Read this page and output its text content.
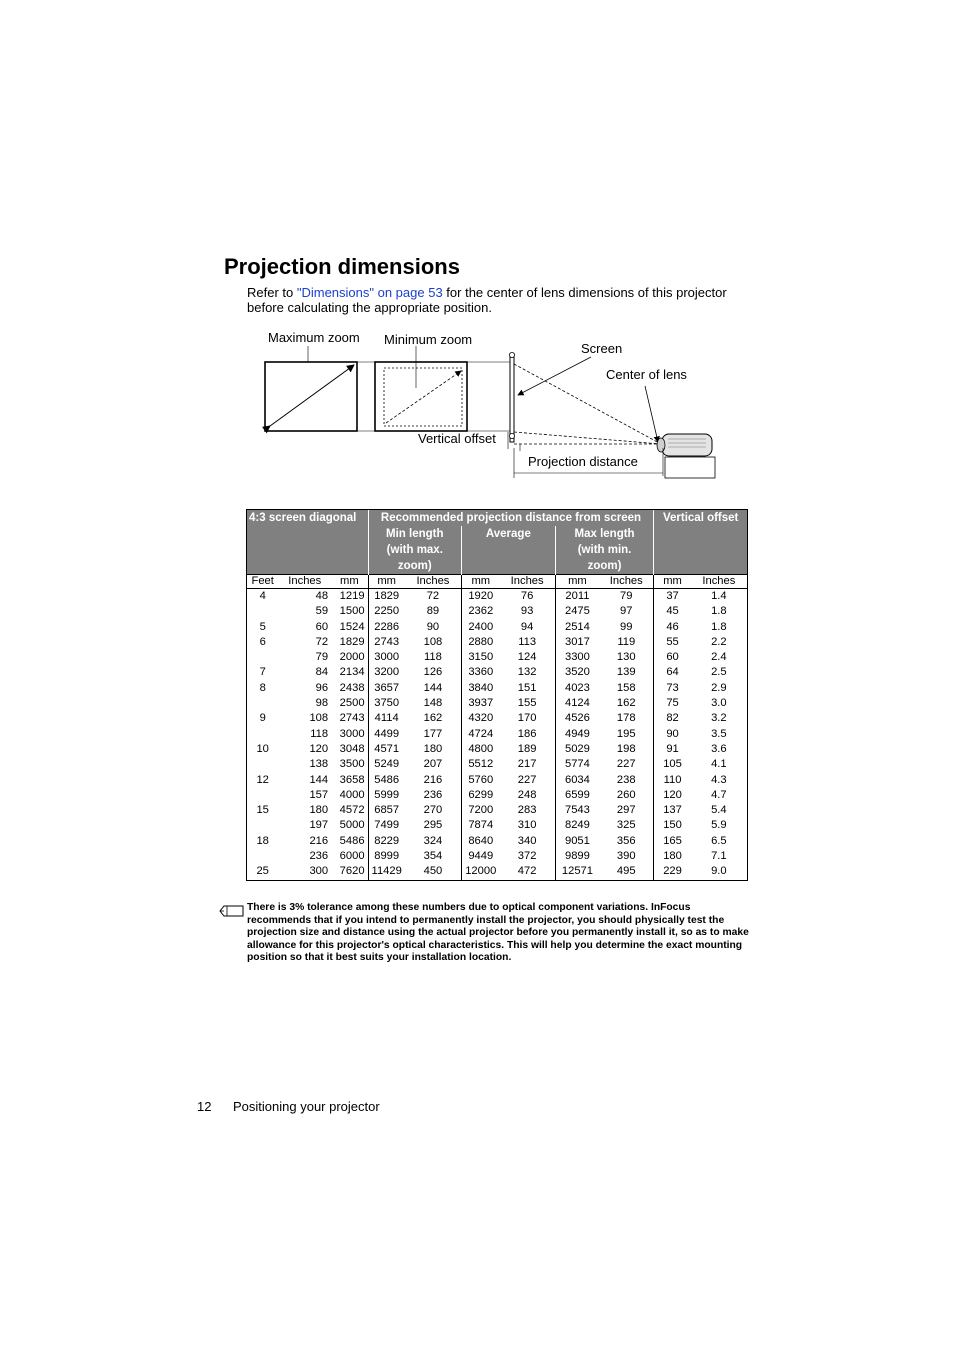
Projection dimensions
Refer to "Dimensions" on page 53 for the center of lens dimensions of this projector before calculating the appropriate position.
Maximum zoom Minimum zoom
Screen
Center of lens
Vertical offset
Projection distance
4:3 screen diagonal			Recommended projection distance from screen						Vertical offset	
			Min length (with max. zoom)		Average		Max length (with min. zoom)			
Feet	Inches	mm	mm	Inches	mm	Inches	mm	Inches	mm	Inches
4	48	1219	1829	72	1920	76	2011	79	37	1.4
	59	1500	2250	89	2362	93	2475	97	45	1.8
5	60	1524	2286	90	2400	94	2514	99	46	1.8
6	72	1829	2743	108	2880	113	3017	119	55	2.2
	79	2000	3000	118	3150	124	3300	130	60	2.4
7	84	2134	3200	126	3360	132	3520	139	64	2.5
8	96	2438	3657	144	3840	151	4023	158	73	2.9
	98	2500	3750	148	3937	155	4124	162	75	3.0
9	108	2743	4114	162	4320	170	4526	178	82	3.2
	118	3000	4499	177	4724	186	4949	195	90	3.5
10	120	3048	4571	180	4800	189	5029	198	91	3.6
	138	3500	5249	207	5512	217	5774	227	105	4.1
12	144	3658	5486	216	5760	227	6034	238	110	4.3
	157	4000	5999	236	6299	248	6599	260	120	4.7
15	180	4572	6857	270	7200	283	7543	297	137	5.4
	197	5000	7499	295	7874	310	8249	325	150	5.9
18	216	5486	8229	324	8640	340	9051	356	165	6.5
	236	6000	8999	354	9449	372	9899	390	180	7.1
25	300	7620	11429	450	12000	472	12571	495	229	9.0
There is 3% tolerance among these numbers due to optical component variations. InFocus recommends that if you intend to permanently install the projector, you should physically test the projection size and distance using the actual projector before you permanently install it, so as to make allowance for this projector's optical characteristics. This will help you determine the exact mounting position so that it best suits your installation location.
12 Positioning your projector
